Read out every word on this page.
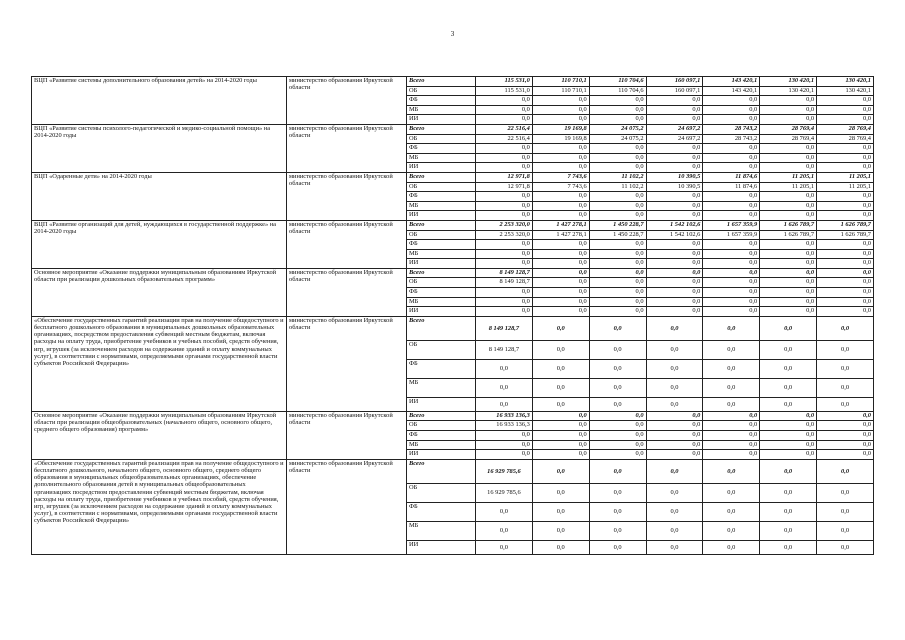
3
ВЦП «Развитие системы дополнительного образования детей» на 2014-2020 годы	министерство образования Иркутской области	Всего	115 531,0	110 710,1	110 704,6	160 097,1	143 420,1	130 420,1	130 420,1
		ОБ	115 531,0	110 710,1	110 704,6	160 097,1	143 420,1	130 420,1	130 420,1
		ФБ	0,0	0,0	0,0	0,0	0,0	0,0	0,0
		МБ	0,0	0,0	0,0	0,0	0,0	0,0	0,0
		ИИ	0,0	0,0	0,0	0,0	0,0	0,0	0,0
ВЦП «Развитие системы психолого-педагогической и медико-социальной помощи» на 2014-2020 годы	министерство образования Иркутской области	Всего	22 516,4	19 169,8	24 075,2	24 697,2	28 743,2	28 769,4	28 769,4
		ОБ	22 516,4	19 169,8	24 075,2	24 697,2	28 743,2	28 769,4	28 769,4
		ФБ	0,0	0,0	0,0	0,0	0,0	0,0	0,0
		МБ	0,0	0,0	0,0	0,0	0,0	0,0	0,0
		ИИ	0,0	0,0	0,0	0,0	0,0	0,0	0,0
ВЦП «Одаренные дети» на 2014-2020 годы	министерство образования Иркутской области	Всего	12 971,8	7 743,6	11 102,2	10 390,5	11 874,6	11 205,1	11 205,1
		ОБ	12 971,8	7 743,6	11 102,2	10 390,5	11 874,6	11 205,1	11 205,1
		ФБ	0,0	0,0	0,0	0,0	0,0	0,0	0,0
		МБ	0,0	0,0	0,0	0,0	0,0	0,0	0,0
		ИИ	0,0	0,0	0,0	0,0	0,0	0,0	0,0
ВЦП «Развитие организаций для детей, нуждающихся в государственной поддержке» на 2014-2020 годы	министерство образования Иркутской области	Всего	2 253 320,0	1 427 278,1	1 450 228,7	1 542 102,6	1 657 359,9	1 626 789,7	1 626 789,7
		ОБ	2 253 320,0	1 427 278,1	1 450 228,7	1 542 102,6	1 657 359,9	1 626 789,7	1 626 789,7
		ФБ	0,0	0,0	0,0	0,0	0,0	0,0	0,0
		МБ	0,0	0,0	0,0	0,0	0,0	0,0	0,0
		ИИ	0,0	0,0	0,0	0,0	0,0	0,0	0,0
Основное мероприятие «Оказание поддержки муниципальным образованиям Иркутской области при реализации дошкольных образовательных программ»	министерство образования Иркутской области	Всего	8 149 128,7	0,0	0,0	0,0	0,0	0,0	0,0
		ОБ	8 149 128,7	0,0	0,0	0,0	0,0	0,0	0,0
		ФБ	0,0	0,0	0,0	0,0	0,0	0,0	0,0
		МБ	0,0	0,0	0,0	0,0	0,0	0,0	0,0
		ИИ	0,0	0,0	0,0	0,0	0,0	0,0	0,0
«Обеспечение государственных гарантий реализации прав на получение общедоступного и бесплатного дошкольного образования в муниципальных дошкольных образовательных организациях, посредством предоставления субвенций местным бюджетам, включая расходы на оплату труда, приобретение учебников и учебных пособий, средств обучения, игр, игрушек (за исключением расходов на содержание зданий и оплату коммунальных услуг), в соответствии с нормативами, определяемыми органами государственной власти субъектов Российской Федерации»	министерство образования Иркутской области	Всего	8 149 128,7	0,0	0,0	0,0	0,0	0,0	0,0
		ОБ	8 149 128,7	0,0	0,0	0,0	0,0	0,0	0,0
		ФБ	0,0	0,0	0,0	0,0	0,0	0,0	0,0
		МБ	0,0	0,0	0,0	0,0	0,0	0,0	0,0
		ИИ	0,0	0,0	0,0	0,0	0,0	0,0	0,0
Основное мероприятие «Оказание поддержки муниципальным образованиям Иркутской области при реализации общеобразовательных (начального общего, основного общего, среднего общего образования) программ»	министерство образования Иркутской области	Всего	16 933 136,3	0,0	0,0	0,0	0,0	0,0	0,0
		ОБ	16 933 136,3	0,0	0,0	0,0	0,0	0,0	0,0
		ФБ	0,0	0,0	0,0	0,0	0,0	0,0	0,0
		МБ	0,0	0,0	0,0	0,0	0,0	0,0	0,0
		ИИ	0,0	0,0	0,0	0,0	0,0	0,0	0,0
«Обеспечение государственных гарантий реализации прав на получение общедоступного и бесплатного дошкольного, начального общего, основного общего, среднего общего образования в муниципальных общеобразовательных организациях, обеспечение дополнительного образования детей в муниципальных общеобразовательных организациях посредством предоставления субвенций местным бюджетам, включая расходы на оплату труда, приобретение учебников и учебных пособий, средств обучения, игр, игрушек (за исключением расходов на содержание зданий и оплату коммунальных услуг), в соответствии с нормативами, определяемыми органами государственной власти субъектов Российской Федерации»	министерство образования Иркутской области	Всего	16 929 785,6	0,0	0,0	0,0	0,0	0,0	0,0
		ОБ	16 929 785,6	0,0	0,0	0,0	0,0	0,0	0,0
		ФБ	0,0	0,0	0,0	0,0	0,0	0,0	0,0
		МБ	0,0	0,0	0,0	0,0	0,0	0,0	0,0
		ИИ	0,0	0,0	0,0	0,0	0,0	0,0	0,0
